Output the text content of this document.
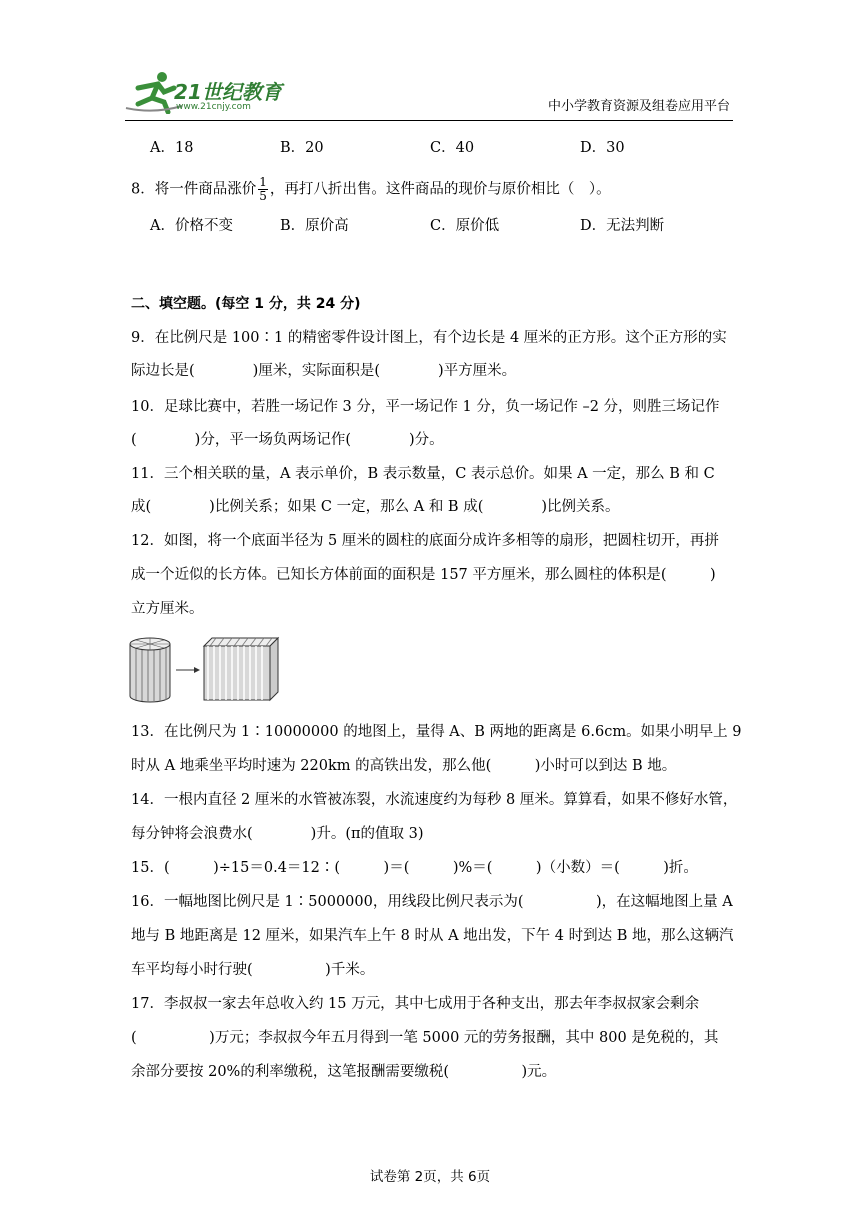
21世纪教育
www.21cnjy.com	中小学教育资源及组卷应用平台
A．18	B．20	C．40	D．30
8．将一件商品涨价 $\frac{1}{5}$ ，再打八折出售。这件商品的现价与原价相比（　）。
A．价格不变	B．原价高	C．原价低	D．无法判断
二、填空题。(每空 1 分，共 24 分)
9．在比例尺是 100∶1 的精密零件设计图上，有个边长是 4 厘米的正方形。这个正方形的实
际边长是(　　　　)厘米，实际面积是(　　　　)平方厘米。
10．足球比赛中，若胜一场记作 3 分，平一场记作 1 分，负一场记作 –2 分，则胜三场记作
(　　　　)分，平一场负两场记作(　　　　)分。
11．三个相关联的量，A 表示单价，B 表示数量，C 表示总价。如果 A 一定，那么 B 和 C
成(　　　　)比例关系；如果 C 一定，那么 A 和 B 成(　　　　)比例关系。
12．如图，将一个底面半径为 5 厘米的圆柱的底面分成许多相等的扇形，把圆柱切开，再拼
成一个近似的长方体。已知长方体前面的面积是 157 平方厘米，那么圆柱的体积是(　　　)
立方厘米。
13．在比例尺为 1∶10000000 的地图上，量得 A、B 两地的距离是 6.6cm。如果小明早上 9
时从 A 地乘坐平均时速为 220km 的高铁出发，那么他(　　　)小时可以到达 B 地。
14．一根内直径 2 厘米的水管被冻裂，水流速度约为每秒 8 厘米。算算看，如果不修好水管，
每分钟将会浪费水(　　　　)升。(π的值取 3)
15．(　　　)÷15＝0.4＝12∶(　　　)＝(　　　)%＝(　　　)（小数）＝(　　　)折。
16．一幅地图比例尺是 1∶5000000，用线段比例尺表示为(　　　　　)，在这幅地图上量 A
地与 B 地距离是 12 厘米，如果汽车上午 8 时从 A 地出发，下午 4 时到达 B 地，那么这辆汽
车平均每小时行驶(　　　　　)千米。
17．李叔叔一家去年总收入约 15 万元，其中七成用于各种支出，那去年李叔叔家会剩余
(　　　　　)万元；李叔叔今年五月得到一笔 5000 元的劳务报酬，其中 800 是免税的，其
余部分要按 20%的利率缴税，这笔报酬需要缴税(　　　　　)元。
试卷第 2页，共 6页
